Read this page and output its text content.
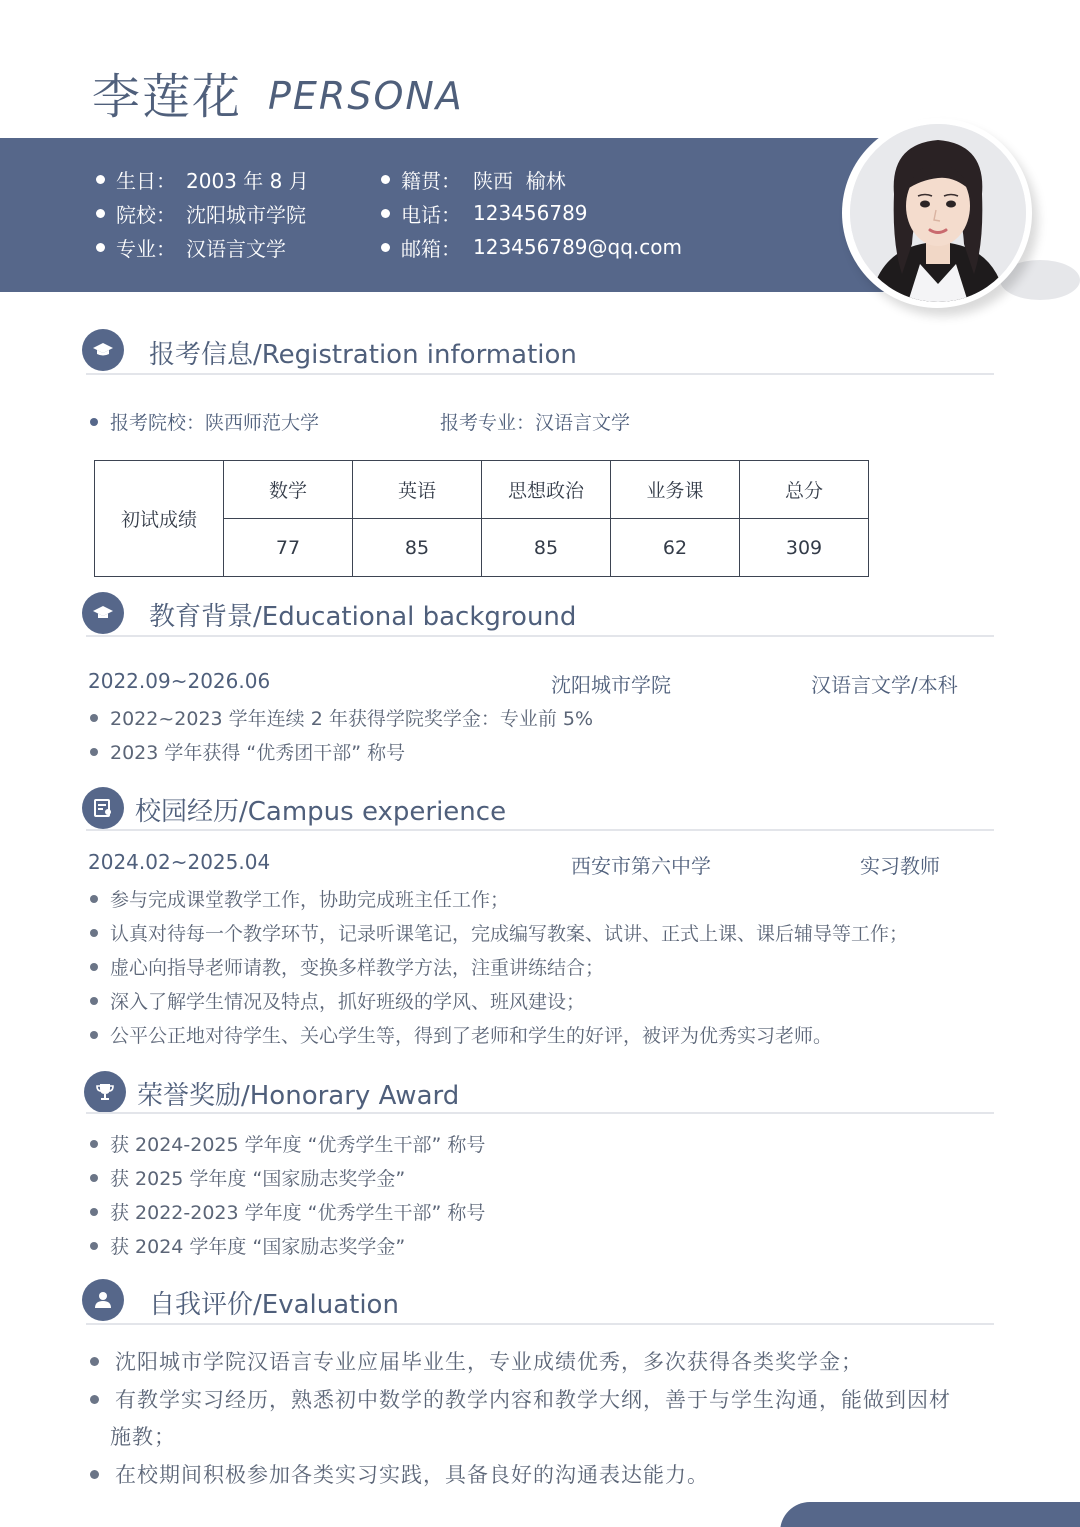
李莲花 PERSONA
生日： 2003 年 8 月
院校： 沈阳城市学院
专业： 汉语言文学
籍贯： 陕西  榆林
电话： 123456789
邮箱： 123456789@qq.com
报考信息/Registration information
报考院校：陕西师范大学	报考专业：汉语言文学
初试成绩	数学	英语	思想政治	业务课	总分
	77	85	85	62	309
教育背景/Educational background
2022.09~2026.06	沈阳城市学院	汉语言文学/本科
2022~2023 学年连续 2 年获得学院奖学金：专业前 5%
2023 学年获得 “优秀团干部” 称号
校园经历/Campus experience
2024.02~2025.04	西安市第六中学	实习教师
参与完成课堂教学工作，协助完成班主任工作；
认真对待每一个教学环节，记录听课笔记，完成编写教案、试讲、正式上课、课后辅导等工作；
虚心向指导老师请教，变换多样教学方法，注重讲练结合；
深入了解学生情况及特点，抓好班级的学风、班风建设；
公平公正地对待学生、关心学生等，得到了老师和学生的好评，被评为优秀实习老师。
荣誉奖励/Honorary Award
获 2024-2025 学年度 “优秀学生干部” 称号
获 2025 学年度 “国家励志奖学金”
获 2022-2023 学年度 “优秀学生干部” 称号
获 2024 学年度 “国家励志奖学金”
自我评价/Evaluation
沈阳城市学院汉语言专业应届毕业生，专业成绩优秀，多次获得各类奖学金；
有教学实习经历，熟悉初中数学的教学内容和教学大纲，善于与学生沟通，能做到因材
施教；
在校期间积极参加各类实习实践，具备良好的沟通表达能力。
